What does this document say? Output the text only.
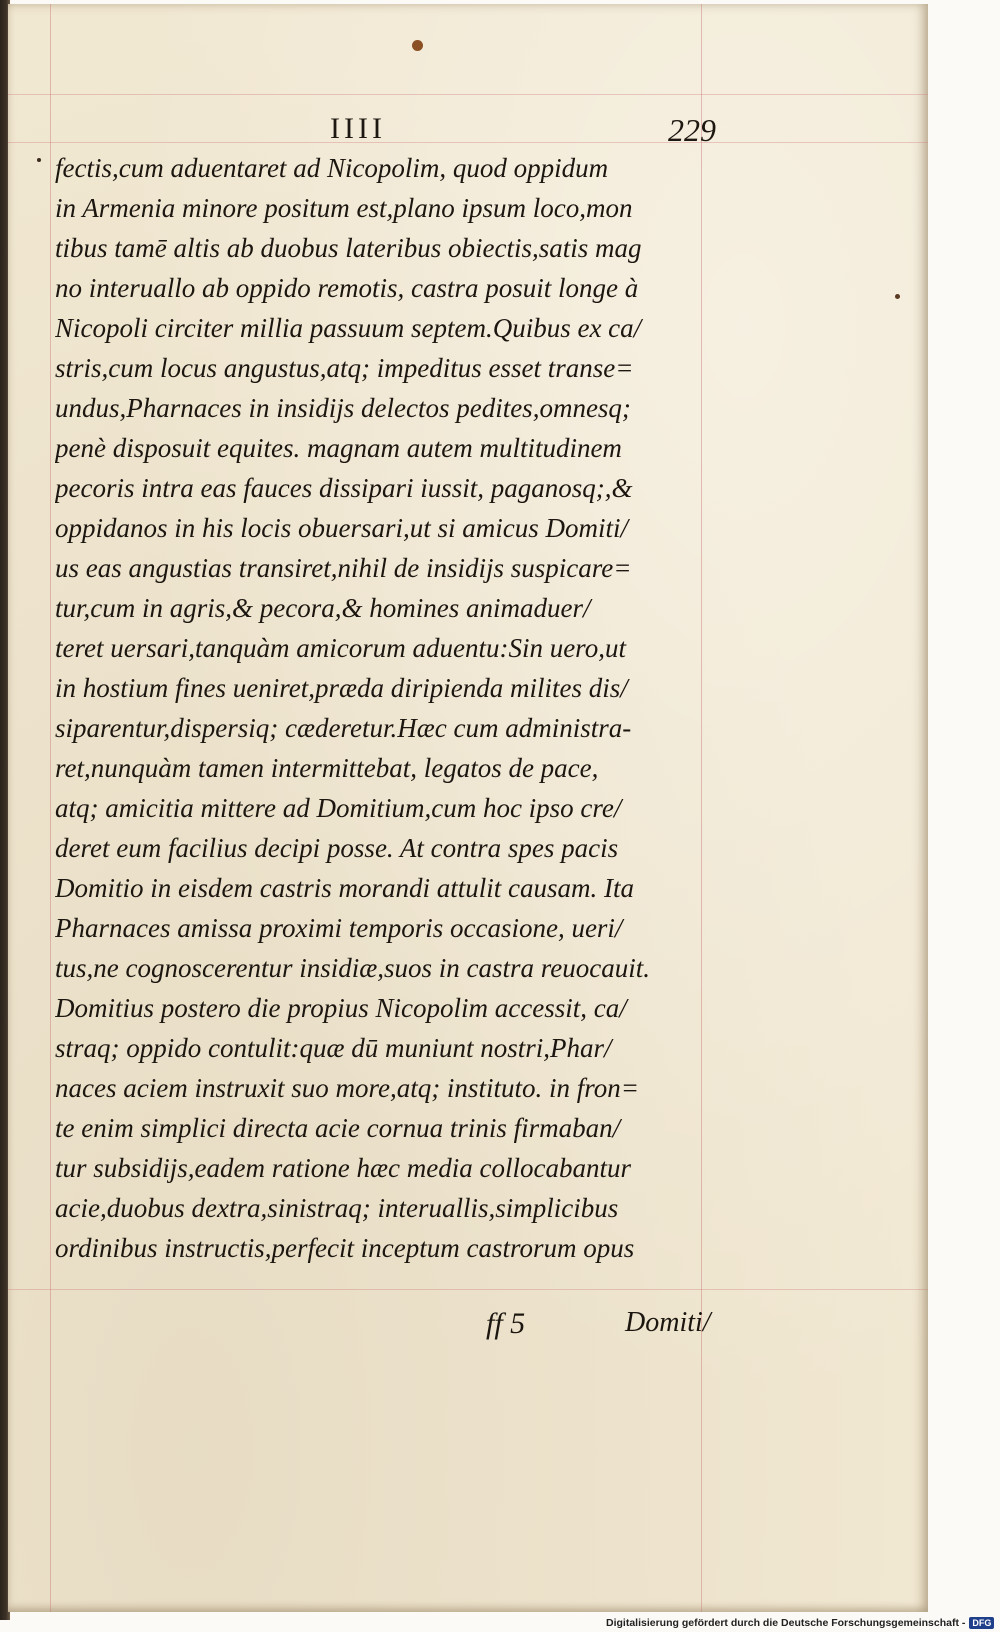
IIII	229
fectis,cum aduentaret ad Nicopolim, quod oppidum
in Armenia minore positum est,plano ipsum loco,mon
tibus tamē altis ab duobus lateribus obiectis,satis mag
no interuallo ab oppido remotis, castra posuit longe à
Nicopoli circiter millia passuum septem.Quibus ex ca/
stris,cum locus angustus,atq; impeditus esset transe=
undus,Pharnaces in insidijs delectos pedites,omnesq;
penè disposuit equites. magnam autem multitudinem
pecoris intra eas fauces dissipari iussit, paganosq;,&
oppidanos in his locis obuersari,ut si amicus Domiti/
us eas angustias transiret,nihil de insidijs suspicare=
tur,cum in agris,& pecora,& homines animaduer/
teret uersari,tanquàm amicorum aduentu:Sin uero,ut
in hostium fines ueniret,præda diripienda milites dis/
siparentur,dispersiq; cæderetur.Hæc cum administra-
ret,nunquàm tamen intermittebat, legatos de pace,
atq; amicitia mittere ad Domitium,cum hoc ipso cre/
deret eum facilius decipi posse. At contra spes pacis
Domitio in eisdem castris morandi attulit causam. Ita
Pharnaces amissa proximi temporis occasione, ueri/
tus,ne cognoscerentur insidiæ,suos in castra reuocauit.
Domitius postero die propius Nicopolim accessit, ca/
straq; oppido contulit:quæ dū muniunt nostri,Phar/
naces aciem instruxit suo more,atq; instituto. in fron=
te enim simplici directa acie cornua trinis firmaban/
tur subsidijs,eadem ratione hæc media collocabantur
acie,duobus dextra,sinistraq; interuallis,simplicibus
ordinibus instructis,perfecit inceptum castrorum opus
ff 5	Domiti/
Digitalisierung gefördert durch die Deutsche Forschungsgemeinschaft - DFG
